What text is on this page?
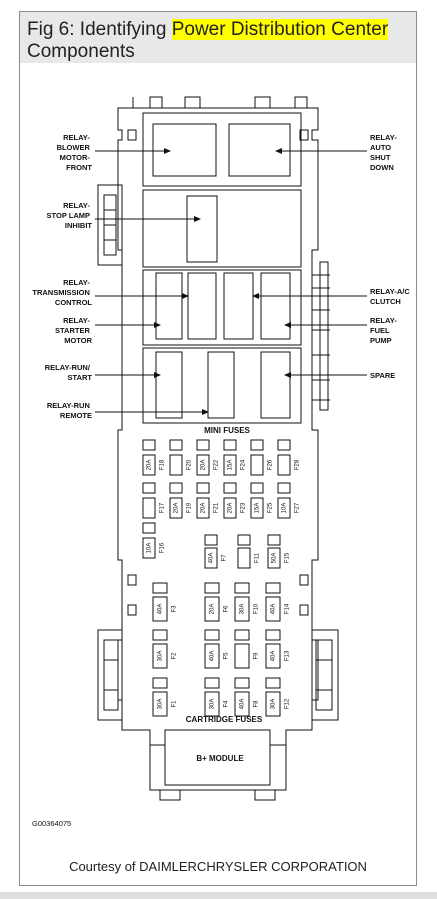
Fig 6: Identifying Power Distribution Center
Components
Courtesy of DAIMLERCHRYSLER CORPORATION
20A F18	F20 20A F22 15A F24	F26	F28
F17 20A F19 20A F21 20A F23 15A F25 10A F27
10A F16
40A F7	F11 50A F15
40A F3	20A F6 30A F10 40A F14
30A F2	40A F5	F9 40A F13
30A F1	30A F4 40A F8 30A F12
RELAY- BLOWER MOTOR- FRONT
RELAY- STOP LAMP INHIBIT
RELAY- TRANSMISSION CONTROL
RELAY- STARTER MOTOR
RELAY-RUN/ START
RELAY-RUN REMOTE
RELAY- AUTO SHUT DOWN
RELAY-A/C CLUTCH
RELAY- FUEL PUMP
SPARE
MINI FUSES
CARTRIDGE FUSES
B+ MODULE
G00364075
